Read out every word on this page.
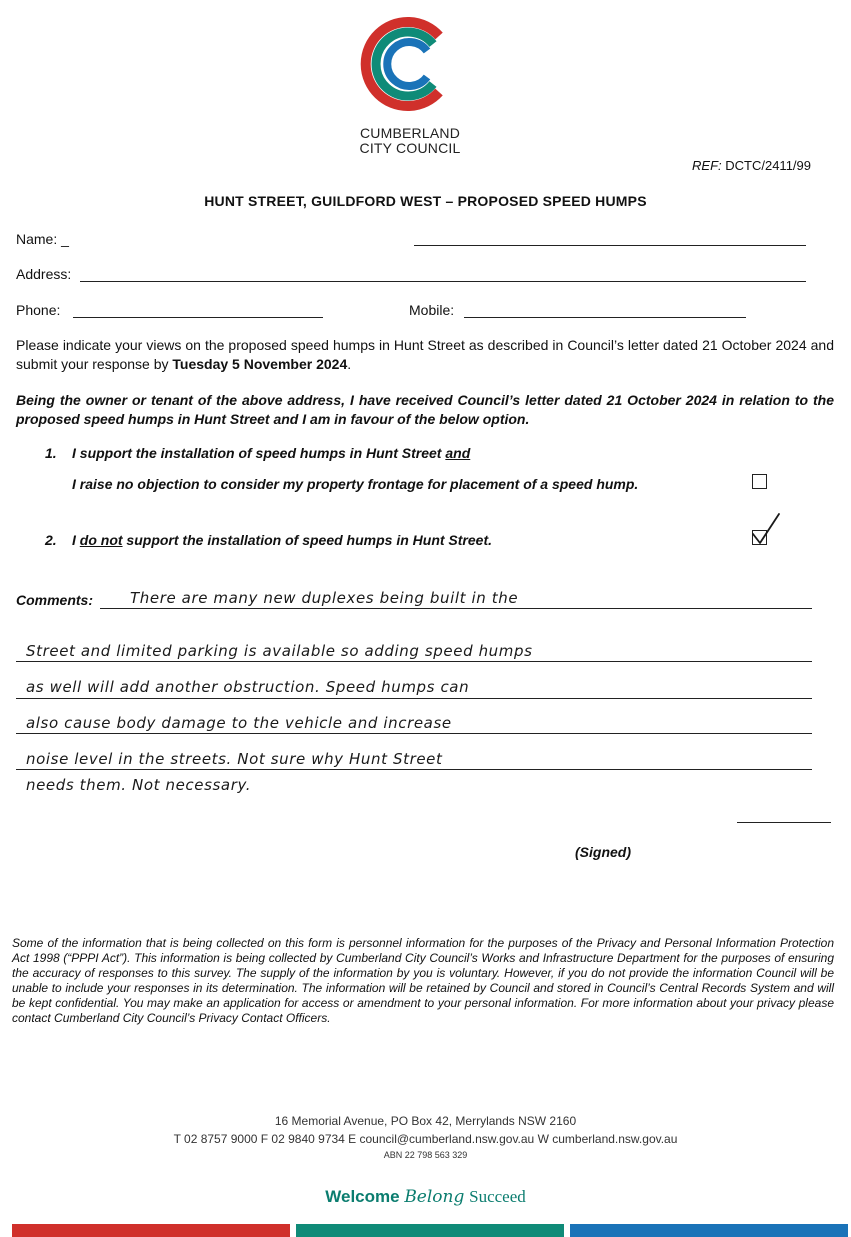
CUMBERLAND
CITY COUNCIL
REF: DCTC/2411/99
HUNT STREET, GUILDFORD WEST – PROPOSED SPEED HUMPS
Name: _
Address:
Phone:	Mobile:
Please indicate your views on the proposed speed humps in Hunt Street as described in Council’s letter dated 21 October 2024 and submit your response by Tuesday 5 November 2024.
Being the owner or tenant of the above address, I have received Council’s letter dated 21 October 2024 in relation to the proposed speed humps in Hunt Street and I am in favour of the below option.
1. I support the installation of speed humps in Hunt Street and
I raise no objection to consider my property frontage for placement of a speed hump.
2. I do not support the installation of speed humps in Hunt Street.
Comments: There are many new duplexes being built in the
Street and limited parking is available so adding speed humps
as well will add another obstruction. Speed humps can
also cause body damage to the vehicle and increase
noise level in the streets. Not sure why Hunt Street
needs them. Not necessary.
(Signed)
Some of the information that is being collected on this form is personnel information for the purposes of the Privacy and Personal Information Protection Act 1998 (“PPPI Act”). This information is being collected by Cumberland City Council’s Works and Infrastructure Department for the purposes of ensuring the accuracy of responses to this survey. The supply of the information by you is voluntary. However, if you do not provide the information Council will be unable to include your responses in its determination. The information will be retained by Council and stored in Council’s Central Records System and will be kept confidential. You may make an application for access or amendment to your personal information. For more information about your privacy please contact Cumberland City Council’s Privacy Contact Officers.
16 Memorial Avenue, PO Box 42, Merrylands NSW 2160
T 02 8757 9000 F 02 9840 9734 E council@cumberland.nsw.gov.au W cumberland.nsw.gov.au
ABN 22 798 563 329
Welcome Belong Succeed
